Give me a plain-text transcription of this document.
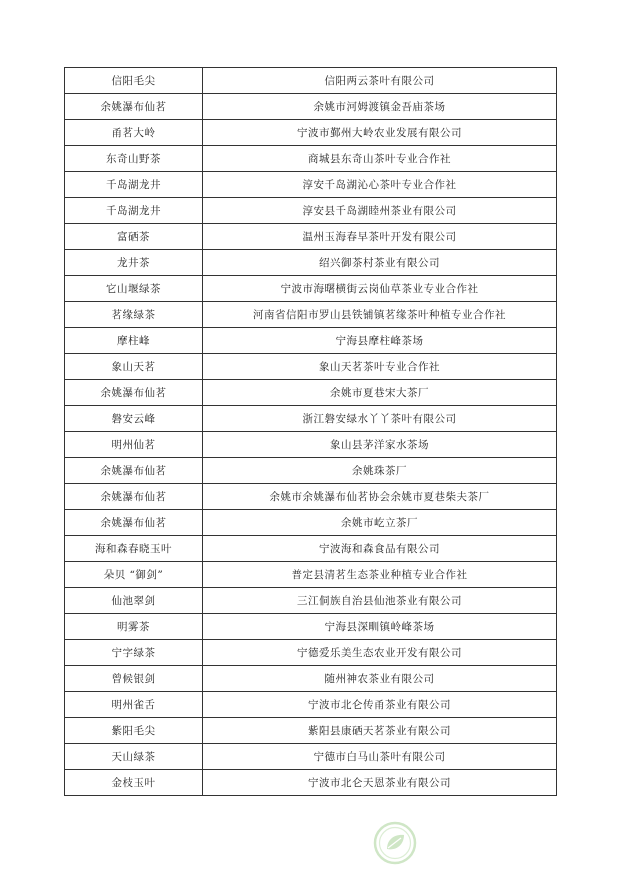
信阳毛尖	信阳两云茶叶有限公司
余姚瀑布仙茗	余姚市河姆渡镇金吾庙茶场
甬茗大岭	宁波市鄞州大岭农业发展有限公司
东奇山野茶	商城县东奇山茶叶专业合作社
千岛湖龙井	淳安千岛湖沁心茶叶专业合作社
千岛湖龙井	淳安县千岛湖睦州茶业有限公司
富硒茶	温州玉海春早茶叶开发有限公司
龙井茶	绍兴御茶村茶业有限公司
它山堰绿茶	宁波市海曙横街云岗仙草茶业专业合作社
茗缘绿茶	河南省信阳市罗山县铁铺镇茗缘茶叶种植专业合作社
摩柱峰	宁海县摩柱峰茶场
象山天茗	象山天茗茶叶专业合作社
余姚瀑布仙茗	余姚市夏巷宋大茶厂
磐安云峰	浙江磐安绿水丫丫茶叶有限公司
明州仙茗	象山县茅洋家水茶场
余姚瀑布仙茗	余姚珠茶厂
余姚瀑布仙茗	余姚市余姚瀑布仙茗协会余姚市夏巷柴夫茶厂
余姚瀑布仙茗	余姚市屹立茶厂
海和森春晓玉叶	宁波海和森食品有限公司
朵贝 “御剑”	普定县清茗生态茶业种植专业合作社
仙池翠剑	三江侗族自治县仙池茶业有限公司
明雾茶	宁海县深甽镇岭峰茶场
宁字绿茶	宁德爱乐美生态农业开发有限公司
曾候银剑	随州神农茶业有限公司
明州雀舌	宁波市北仑传甬茶业有限公司
紫阳毛尖	紫阳县康硒天茗茶业有限公司
天山绿茶	宁德市白马山茶叶有限公司
金枝玉叶	宁波市北仑天恩茶业有限公司
